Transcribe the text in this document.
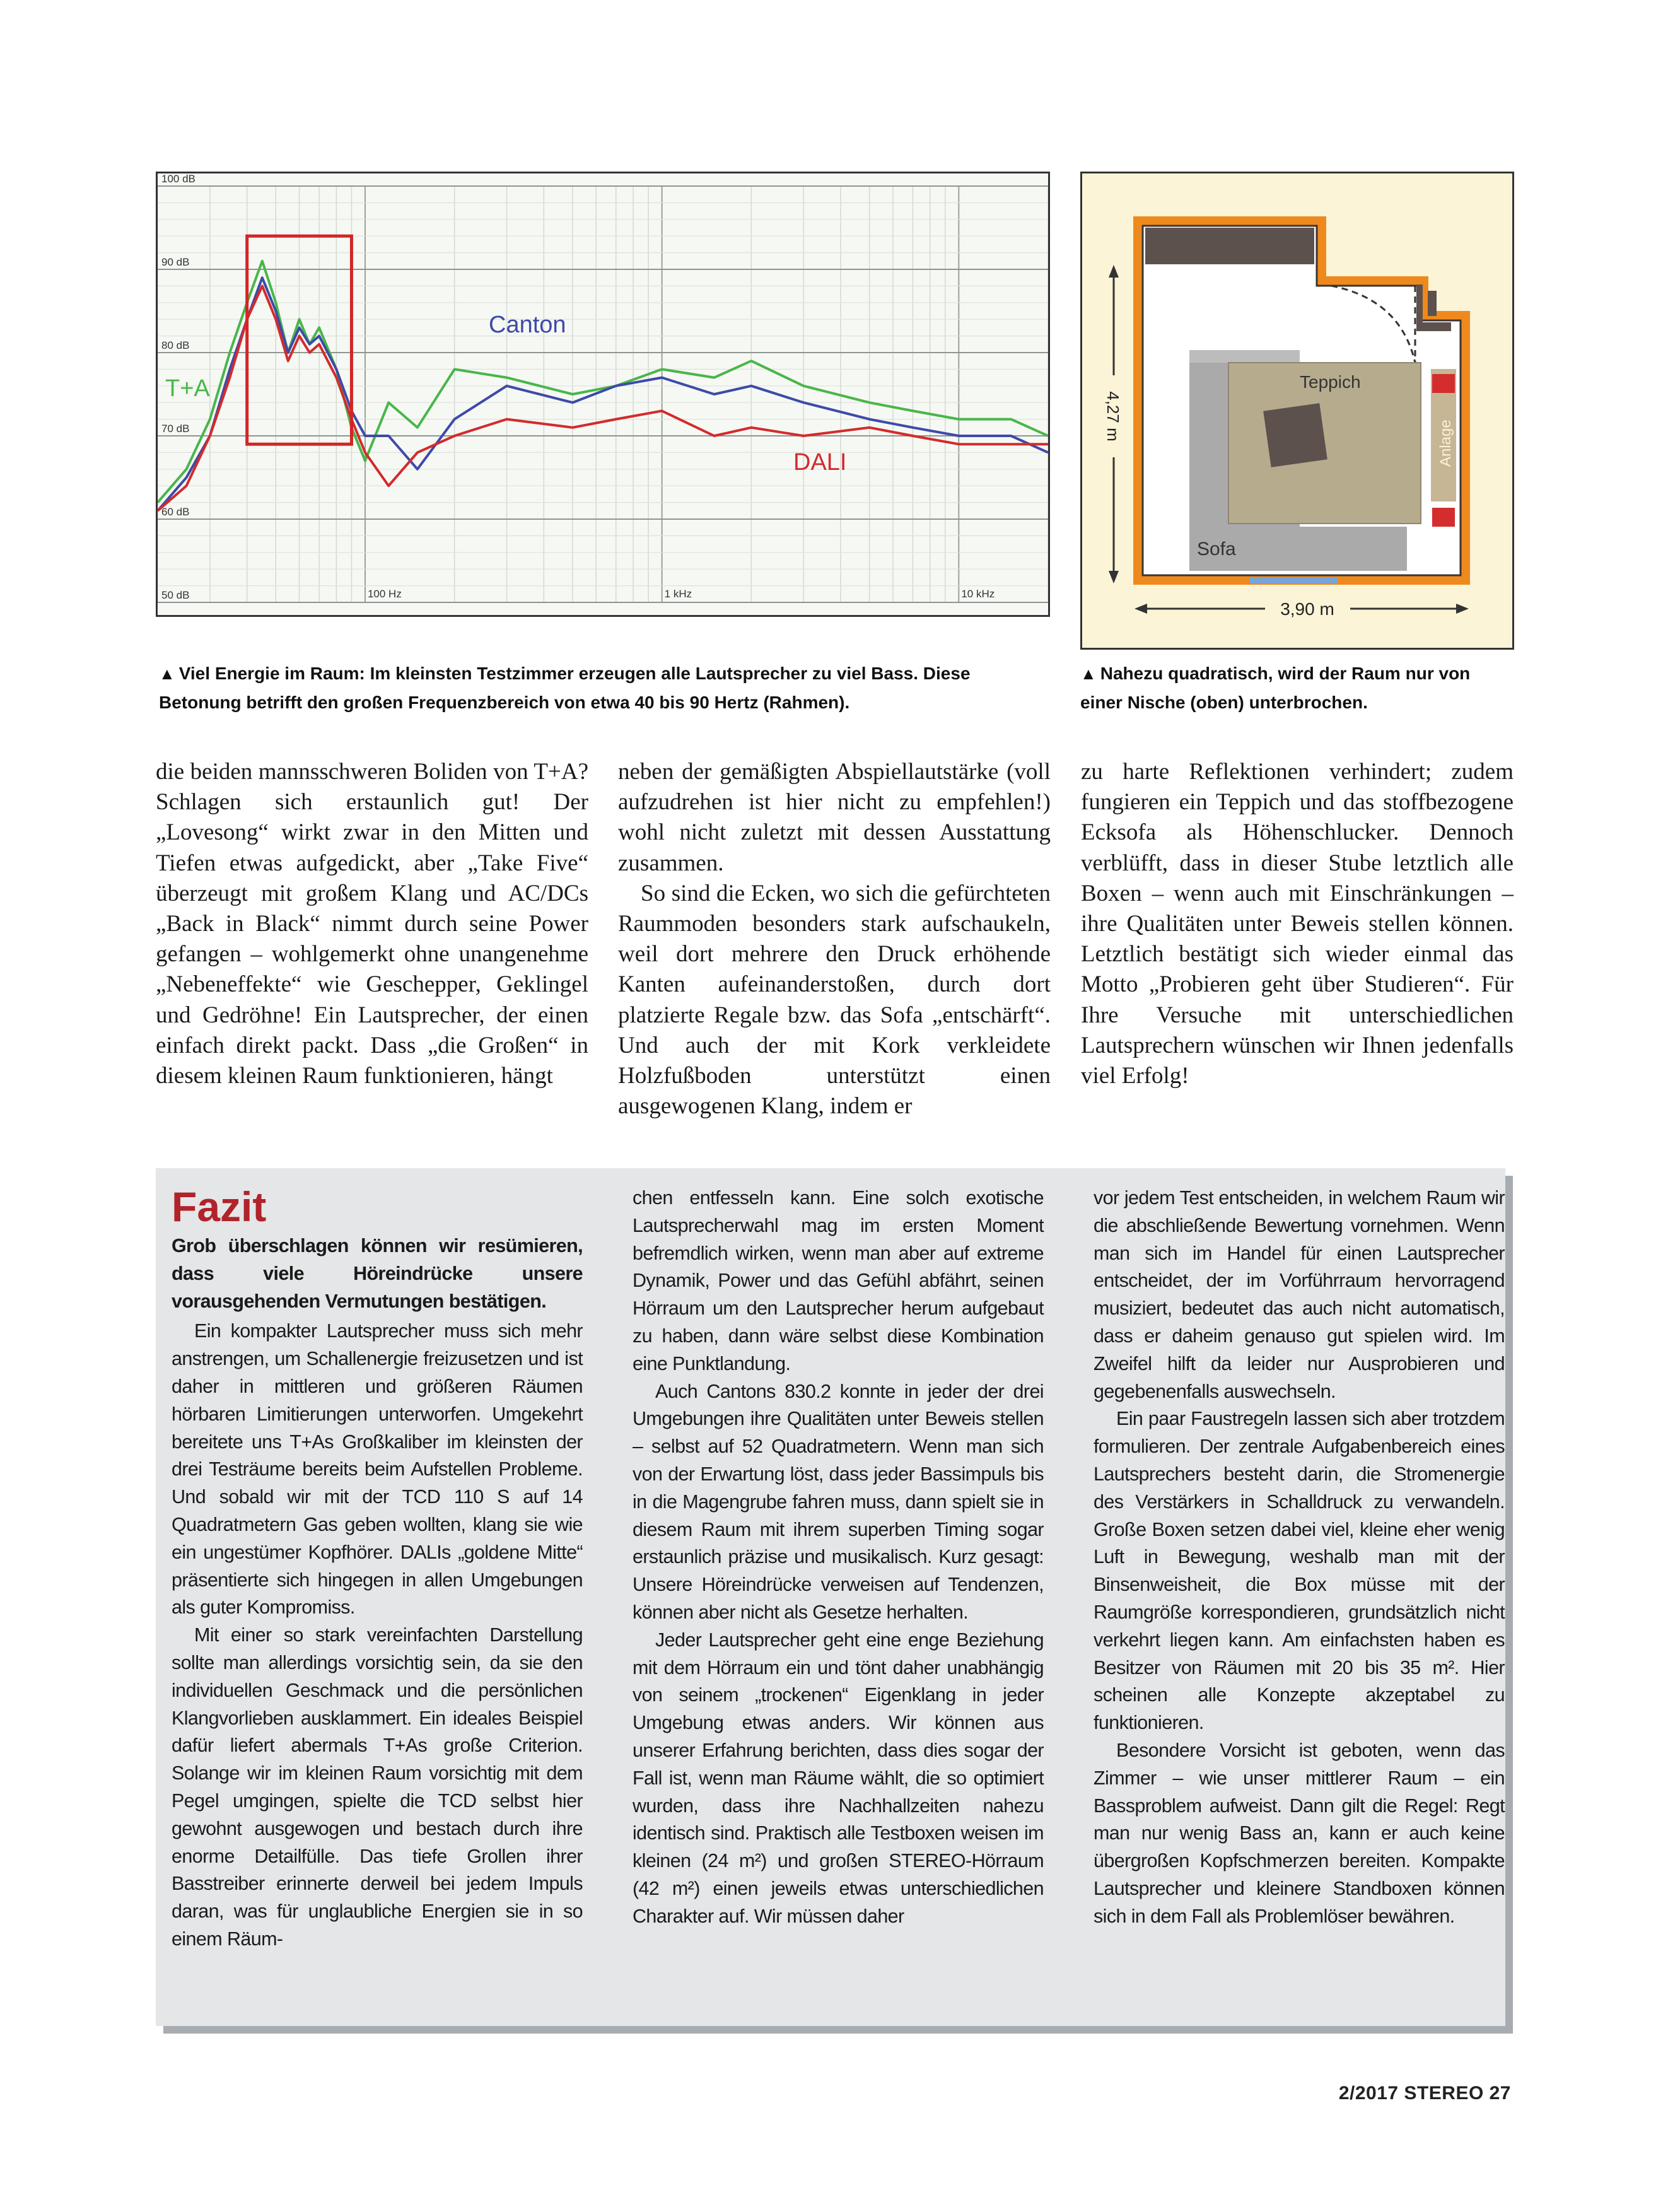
50 dB
60 dB
70 dB
80 dB
90 dB
100 dB
100 Hz	1 kHz	10 kHz
Canton
T+A
DALI
Teppich
Anlage
Sofa
4,27 m
3,90 m
▲ Viel Energie im Raum: Im kleinsten Testzimmer erzeugen alle Lautsprecher zu viel Bass. Diese Betonung betrifft den großen Frequenzbereich von etwa 40 bis 90 Hertz (Rahmen).
▲ Nahezu quadratisch, wird der Raum nur von einer Nische (oben) unterbrochen.

die beiden mannsschweren Boliden von T+A? Schlagen sich erstaunlich gut! Der „Lovesong“ wirkt zwar in den Mitten und Tiefen etwas aufgedickt, aber „Take Five“ überzeugt mit großem Klang und AC/DCs „Back in Black“ nimmt durch seine Power gefangen – wohlgemerkt ohne unangenehme „Nebeneffekte“ wie Geschepper, Geklingel und Gedröhne! Ein Lautsprecher, der einen einfach direkt packt. Dass „die Großen“ in diesem kleinen Raum funktionieren, hängt

neben der gemäßigten Abspiellautstärke (voll aufzudrehen ist hier nicht zu empfehlen!) wohl nicht zuletzt mit dessen Ausstattung zusammen.

So sind die Ecken, wo sich die gefürchteten Raummoden besonders stark aufschaukeln, weil dort mehrere den Druck erhöhende Kanten aufeinanderstoßen, durch dort platzierte Regale bzw. das Sofa „entschärft“. Und auch der mit Kork verkleidete Holzfußboden unterstützt einen ausgewogenen Klang, indem er

zu harte Reflektionen verhindert; zudem fungieren ein Teppich und das stoffbezogene Ecksofa als Höhenschlucker. Dennoch verblüfft, dass in dieser Stube letztlich alle Boxen – wenn auch mit Einschränkungen – ihre Qualitäten unter Beweis stellen können. Letztlich bestätigt sich wieder einmal das Motto „Probieren geht über Studieren“. Für Ihre Versuche mit unterschiedlichen Lautsprechern wünschen wir Ihnen jedenfalls viel Erfolg!

Fazit

Grob überschlagen können wir resümieren, dass viele Höreindrücke unsere vorausgehenden Vermutungen bestätigen.

Ein kompakter Lautsprecher muss sich mehr anstrengen, um Schallenergie freizusetzen und ist daher in mittleren und größeren Räumen hörbaren Limitierungen unterworfen. Umgekehrt bereitete uns T+As Großkaliber im kleinsten der drei Testräume bereits beim Aufstellen Probleme. Und sobald wir mit der TCD 110 S auf 14 Quadratmetern Gas geben wollten, klang sie wie ein ungestümer Kopfhörer. DALIs „goldene Mitte“ präsentierte sich hingegen in allen Umgebungen als guter Kompromiss.

Mit einer so stark vereinfachten Darstellung sollte man allerdings vorsichtig sein, da sie den individuellen Geschmack und die persönlichen Klangvorlieben ausklammert. Ein ideales Beispiel dafür liefert abermals T+As große Criterion. Solange wir im kleinen Raum vorsichtig mit dem Pegel umgingen, spielte die TCD selbst hier gewohnt ausgewogen und bestach durch ihre enorme Detailfülle. Das tiefe Grollen ihrer Basstreiber erinnerte derweil bei jedem Impuls daran, was für unglaubliche Energien sie in so einem Räum-

chen entfesseln kann. Eine solch exotische Lautsprecherwahl mag im ersten Moment befremdlich wirken, wenn man aber auf extreme Dynamik, Power und das Gefühl abfährt, seinen Hörraum um den Lautsprecher herum aufgebaut zu haben, dann wäre selbst diese Kombination eine Punktlandung.

Auch Cantons 830.2 konnte in jeder der drei Umgebungen ihre Qualitäten unter Beweis stellen – selbst auf 52 Quadratmetern. Wenn man sich von der Erwartung löst, dass jeder Bassimpuls bis in die Magengrube fahren muss, dann spielt sie in diesem Raum mit ihrem superben Timing sogar erstaunlich präzise und musikalisch. Kurz gesagt: Unsere Höreindrücke verweisen auf Tendenzen, können aber nicht als Gesetze herhalten.

Jeder Lautsprecher geht eine enge Beziehung mit dem Hörraum ein und tönt daher unabhängig von seinem „trockenen“ Eigenklang in jeder Umgebung etwas anders. Wir können aus unserer Erfahrung berichten, dass dies sogar der Fall ist, wenn man Räume wählt, die so optimiert wurden, dass ihre Nachhallzeiten nahezu identisch sind. Praktisch alle Testboxen weisen im kleinen (24 m²) und großen STEREO-Hörraum (42 m²) einen jeweils etwas unterschiedlichen Charakter auf. Wir müssen daher

vor jedem Test entscheiden, in welchem Raum wir die abschließende Bewertung vornehmen. Wenn man sich im Handel für einen Lautsprecher entscheidet, der im Vorführraum hervorragend musiziert, bedeutet das auch nicht automatisch, dass er daheim genauso gut spielen wird. Im Zweifel hilft da leider nur Ausprobieren und gegebenenfalls auswechseln.

Ein paar Faustregeln lassen sich aber trotzdem formulieren. Der zentrale Aufgabenbereich eines Lautsprechers besteht darin, die Stromenergie des Verstärkers in Schalldruck zu verwandeln. Große Boxen setzen dabei viel, kleine eher wenig Luft in Bewegung, weshalb man mit der Binsenweisheit, die Box müsse mit der Raumgröße korrespondieren, grundsätzlich nicht verkehrt liegen kann. Am einfachsten haben es Besitzer von Räumen mit 20 bis 35 m². Hier scheinen alle Konzepte akzeptabel zu funktionieren.

Besondere Vorsicht ist geboten, wenn das Zimmer – wie unser mittlerer Raum – ein Bassproblem aufweist. Dann gilt die Regel: Regt man nur wenig Bass an, kann er auch keine übergroßen Kopfschmerzen bereiten. Kompakte Lautsprecher und kleinere Standboxen können sich in dem Fall als Problemlöser bewähren.

2/2017 STEREO 27
